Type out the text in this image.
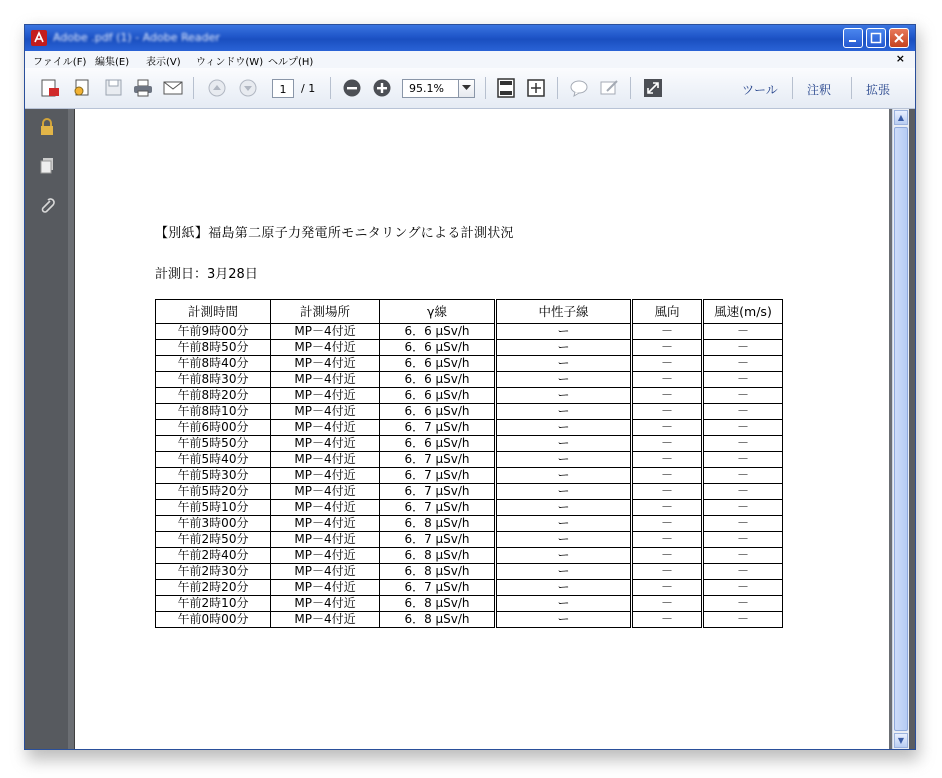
Adobe .pdf (1) - Adobe Reader
ファイル(F) 編集(E) 表示(V) ウィンドウ(W) ヘルプ(H)	×
1	/ 1	95.1%	ツール 注釈	拡張
【別紙】福島第二原子力発電所モニタリングによる計測状況
計測日：3月28日
計測時間	計測場所	γ線	中性子線	風向	風速(m/s)
午前9時00分	MP－4付近	6．6 μSv/h	ー	－	－
午前8時50分	MP－4付近	6．6 μSv/h	ー	－	－
午前8時40分	MP－4付近	6．6 μSv/h	ー	－	－
午前8時30分	MP－4付近	6．6 μSv/h	ー	－	－
午前8時20分	MP－4付近	6．6 μSv/h	ー	－	－
午前8時10分	MP－4付近	6．6 μSv/h	ー	－	－
午前6時00分	MP－4付近	6．7 μSv/h	ー	－	－
午前5時50分	MP－4付近	6．6 μSv/h	ー	－	－
午前5時40分	MP－4付近	6．7 μSv/h	ー	－	－
午前5時30分	MP－4付近	6．7 μSv/h	ー	－	－
午前5時20分	MP－4付近	6．7 μSv/h	ー	－	－
午前5時10分	MP－4付近	6．7 μSv/h	ー	－	－
午前3時00分	MP－4付近	6．8 μSv/h	ー	－	－
午前2時50分	MP－4付近	6．7 μSv/h	ー	－	－
午前2時40分	MP－4付近	6．8 μSv/h	ー	－	－
午前2時30分	MP－4付近	6．8 μSv/h	ー	－	－
午前2時20分	MP－4付近	6．7 μSv/h	ー	－	－
午前2時10分	MP－4付近	6．8 μSv/h	ー	－	－
午前0時00分	MP－4付近	6．8 μSv/h	ー	－	－
▲
▼
